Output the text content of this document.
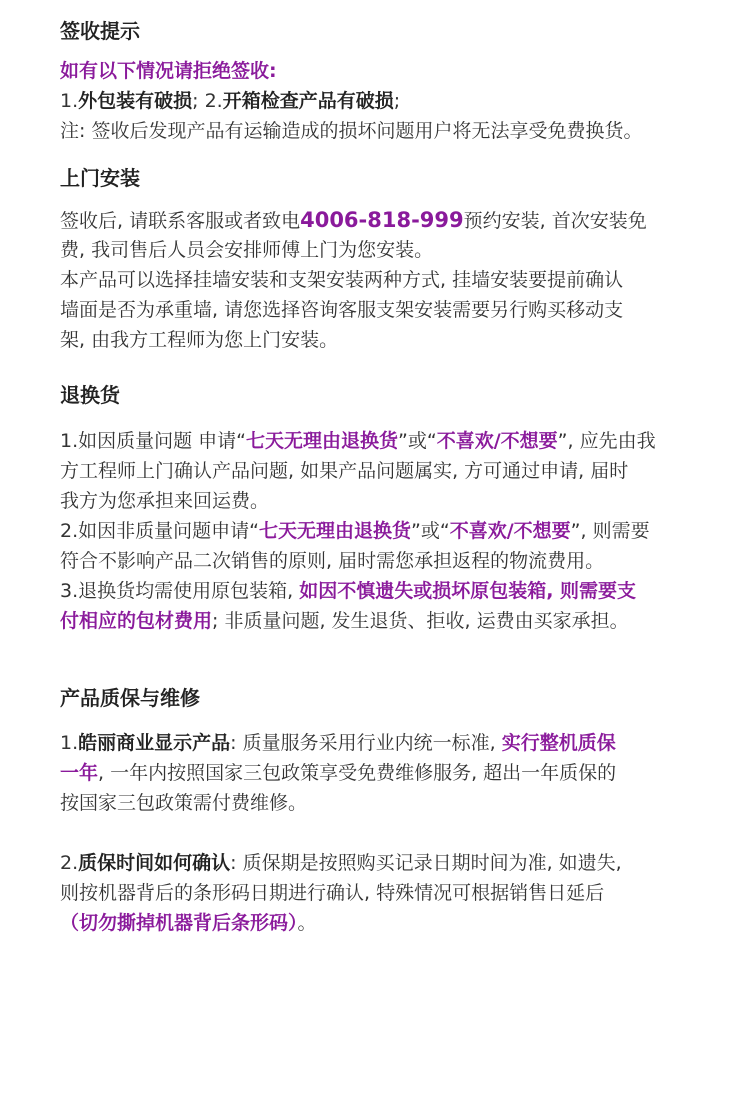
签收提示

如有以下情况请拒绝签收:

1.外包装有破损; 2.开箱检查产品有破损;

注: 签收后发现产品有运输造成的损坏问题用户将无法享受免费换货。

上门安装

签收后, 请联系客服或者致电4006-818-999预约安装, 首次安装免

费, 我司售后人员会安排师傅上门为您安装。

本产品可以选择挂墙安装和支架安装两种方式, 挂墙安装要提前确认

墙面是否为承重墙, 请您选择咨询客服支架安装需要另行购买移动支

架, 由我方工程师为您上门安装。

退换货

1.如因质量问题 申请“七天无理由退换货”或“不喜欢/不想要”, 应先由我

方工程师上门确认产品问题, 如果产品问题属实, 方可通过申请, 届时

我方为您承担来回运费。

2.如因非质量问题申请“七天无理由退换货”或“不喜欢/不想要”, 则需要

符合不影响产品二次销售的原则, 届时需您承担返程的物流费用。

3.退换货均需使用原包装箱, 如因不慎遗失或损坏原包装箱, 则需要支

付相应的包材费用; 非质量问题, 发生退货、拒收, 运费由买家承担。

产品质保与维修

1.皓丽商业显示产品: 质量服务采用行业内统一标准, 实行整机质保

一年, 一年内按照国家三包政策享受免费维修服务, 超出一年质保的

按国家三包政策需付费维修。

2.质保时间如何确认: 质保期是按照购买记录日期时间为准, 如遗失,

则按机器背后的条形码日期进行确认, 特殊情况可根据销售日延后

（切勿撕掉机器背后条形码）。
